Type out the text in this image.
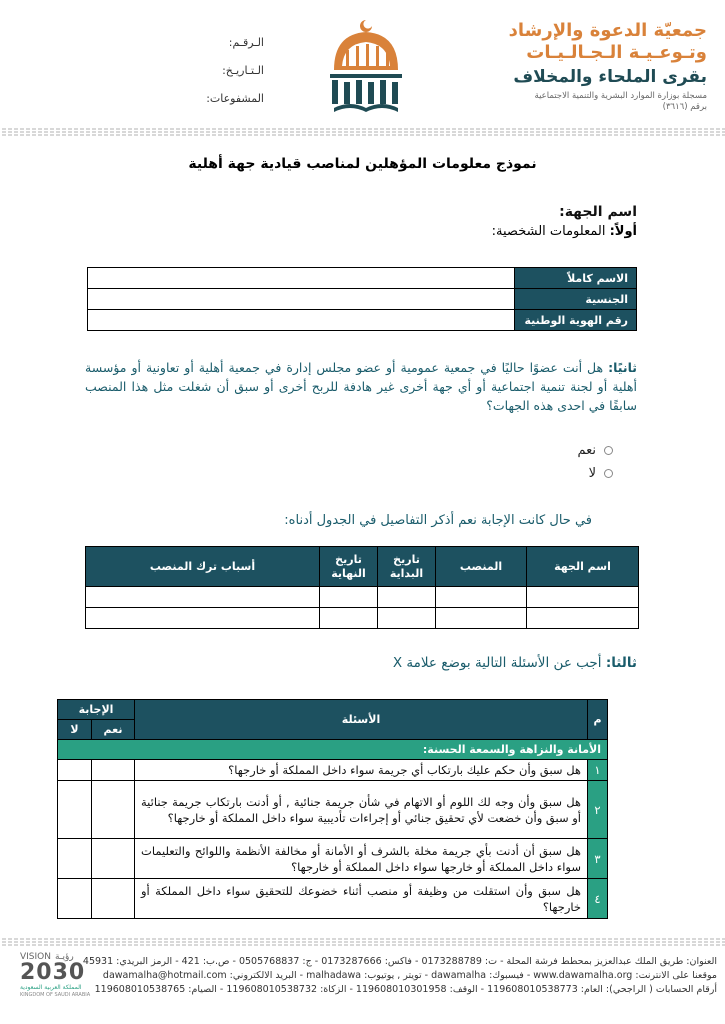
جمعيّة الدعوة والإرشاد
وتـوعـيـة الـجـالـيـات
بقرى الملحاء والمخلاف
مسجلة بوزارة الموارد البشرية والتنمية الاجتماعية
برقم (٣٦١٦)
الـرقـم:
الـتـاريـخ:
المشفوعات:
نموذج معلومات المؤهلين لمناصب قيادية جهة أهلية
اسم الجهة:
أولاً: المعلومات الشخصية:
الاسم كاملاً	
الجنسية	
رقم الهوية الوطنية	
ثانيًا: هل أنت عضوًا حاليًا في جمعية عمومية أو عضو مجلس إدارة في جمعية أهلية أو تعاونية أو مؤسسة أهلية أو لجنة تنمية اجتماعية أو أي جهة أخرى غير هادفة للربح أخرى أو سبق أن شغلت مثل هذا المنصب سابقًا في احدى هذه الجهات؟
نعم
لا
في حال كانت الإجابة نعم أذكر التفاصيل في الجدول أدناه:
اسم الجهة	المنصب	تاريخ البداية	تاريخ النهاية	أسباب ترك المنصب

ثالثا: أجب عن الأسئلة التالية بوضع علامة X
م	الأسئلة	الإجابة	
		نعم	لا
الأمانة والنزاهة والسمعة الحسنة:			
١	هل سبق وأن حكم عليك بارتكاب أي جريمة سواء داخل المملكة أو خارجها؟		
٢	هل سبق وأن وجه لك اللوم أو الاتهام في شأن جريمة جنائية , أو أدنت بارتكاب جريمة جنائية أو سبق وأن خضعت لأي تحقيق جنائي أو إجراءات تأديبية سواء داخل المملكة أو خارجها؟		
٣	هل سبق أن أدنت بأي جريمة مخلة بالشرف أو الأمانة أو مخالفة الأنظمة واللوائح والتعليمات سواء داخل المملكة أو خارجها سواء داخل المملكة أو خارجها؟		
٤	هل سبق وأن استقلت من وظيفة أو منصب أثناء خضوعك للتحقيق سواء داخل المملكة أو خارجها؟		
العنوان: طريق الملك عبدالعزيز بمحطط فرشة المحلة - ت: 0173288789 - فاكس: 0173287666 - ج: 0505768837 - ص.ب: 421 - الرمز البريدي: 45931
موقعنا على الانترنت: www.dawamalha.org - فيسبوك: dawamalha - تويتر , يوتيوب: malhadawa - البريد الالكتروني: dawamalha@hotmail.com
أرقام الحسابات ( الراجحي): العام: 119608010538773 - الوقف: 119608010301958 - الزكاة: 119608010538732 - الصيام: 119608010538765
VISION رؤيـة
2030
المملكة العربية السعودية
KINGDOM OF SAUDI ARABIA
